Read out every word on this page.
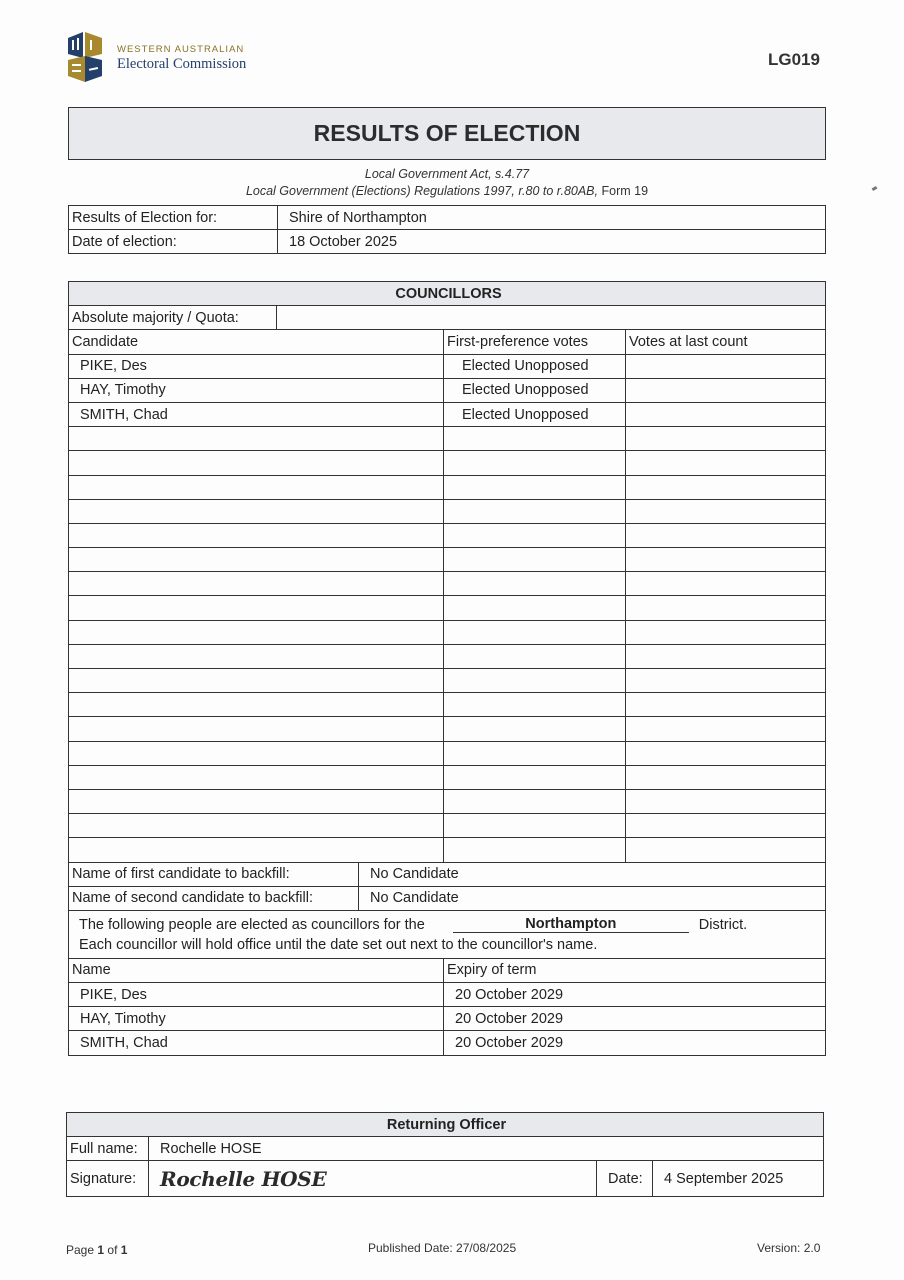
WESTERN AUSTRALIAN
Electoral Commission	LG019
RESULTS OF ELECTION
Local Government Act, s.4.77
Local Government (Elections) Regulations 1997, r.80 to r.80AB, Form 19
Results of Election for:	Shire of Northampton
Date of election:	18 October 2025
COUNCILLORS				
Absolute majority / Quota:				
Candidate			First-preference votes	Votes at last count
PIKE, Des			Elected Unopposed	
HAY, Timothy			Elected Unopposed	
SMITH, Chad			Elected Unopposed	

Name of first candidate to backfill:		No Candidate		
Name of second candidate to backfill:		No Candidate		

The following people are elected as councillors for the Northampton District.
Each councillor will hold office until the date set out next to the councillor's name.				

Name			Expiry of term	
PIKE, Des			20 October 2029	
HAY, Timothy			20 October 2029	
SMITH, Chad			20 October 2029	
Returning Officer			
Full name:	Rochelle HOSE		
Signature:	Rochelle HOSE	Date:	4 September 2025
Page 1 of 1	Published Date: 27/08/2025	Version: 2.0
